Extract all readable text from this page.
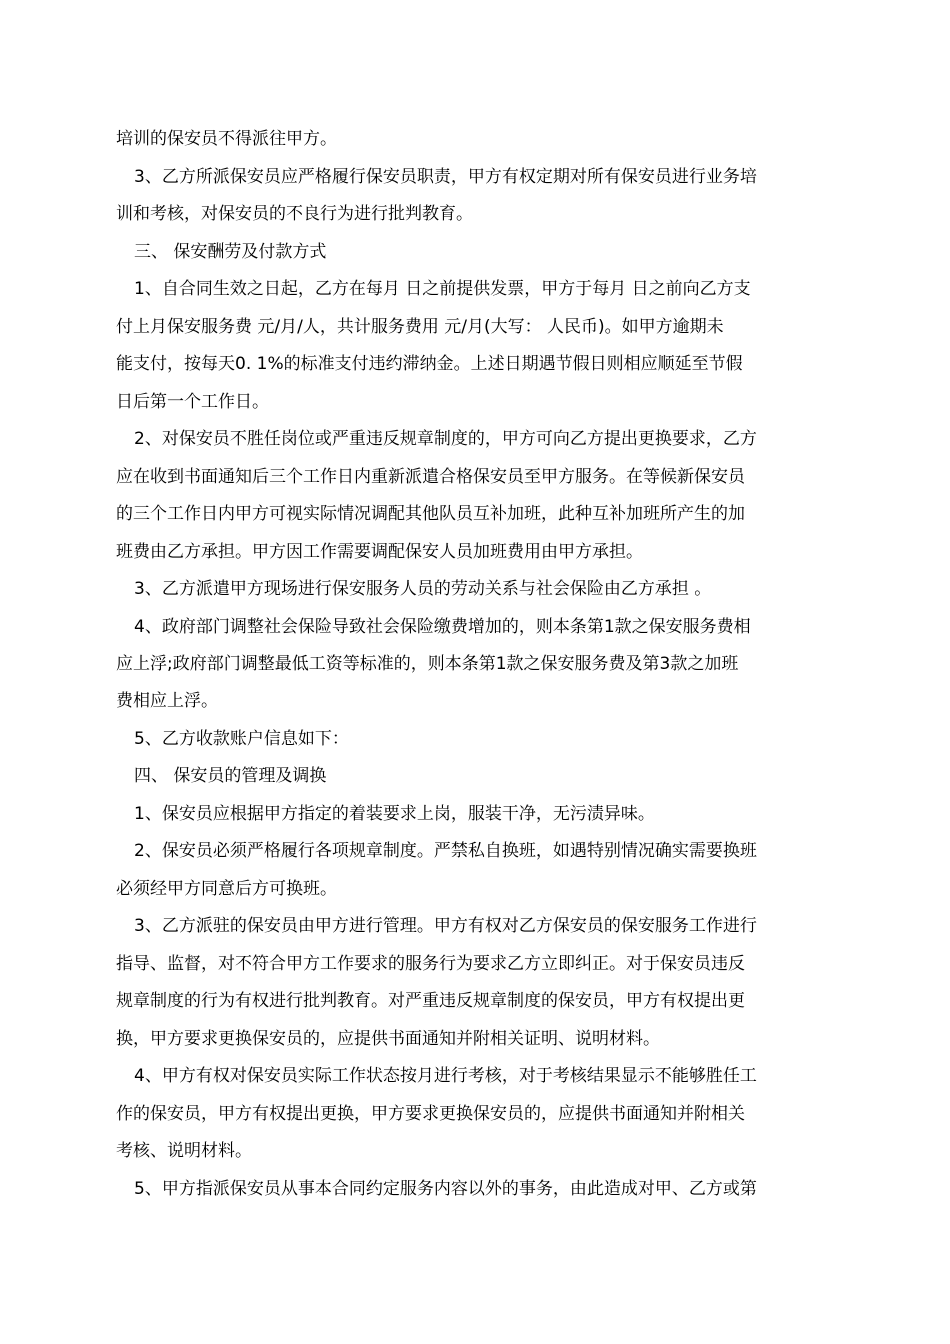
培训的保安员不得派往甲方。
3、乙方所派保安员应严格履行保安员职责，甲方有权定期对所有保安员进行业务培
训和考核，对保安员的不良行为进行批判教育。
三、 保安酬劳及付款方式
1、自合同生效之日起，乙方在每月 日之前提供发票，甲方于每月 日之前向乙方支
付上月保安服务费 元/月/人，共计服务费用 元/月(大写： 人民币)。如甲方逾期未
能支付，按每天0. 1%的标准支付违约滞纳金。上述日期遇节假日则相应顺延至节假
日后第一个工作日。
2、对保安员不胜任岗位或严重违反规章制度的，甲方可向乙方提出更换要求，乙方
应在收到书面通知后三个工作日内重新派遣合格保安员至甲方服务。在等候新保安员
的三个工作日内甲方可视实际情况调配其他队员互补加班，此种互补加班所产生的加
班费由乙方承担。甲方因工作需要调配保安人员加班费用由甲方承担。
3、乙方派遣甲方现场进行保安服务人员的劳动关系与社会保险由乙方承担 。
4、政府部门调整社会保险导致社会保险缴费增加的，则本条第1款之保安服务费相
应上浮;政府部门调整最低工资等标准的，则本条第1款之保安服务费及第3款之加班
费相应上浮。
5、乙方收款账户信息如下：
四、 保安员的管理及调换
1、保安员应根据甲方指定的着装要求上岗，服装干净，无污渍异味。
2、保安员必须严格履行各项规章制度。严禁私自换班，如遇特别情况确实需要换班
必须经甲方同意后方可换班。
3、乙方派驻的保安员由甲方进行管理。甲方有权对乙方保安员的保安服务工作进行
指导、监督，对不符合甲方工作要求的服务行为要求乙方立即纠正。对于保安员违反
规章制度的行为有权进行批判教育。对严重违反规章制度的保安员，甲方有权提出更
换，甲方要求更换保安员的，应提供书面通知并附相关证明、说明材料。
4、甲方有权对保安员实际工作状态按月进行考核，对于考核结果显示不能够胜任工
作的保安员，甲方有权提出更换，甲方要求更换保安员的，应提供书面通知并附相关
考核、说明材料。
5、甲方指派保安员从事本合同约定服务内容以外的事务，由此造成对甲、乙方或第
